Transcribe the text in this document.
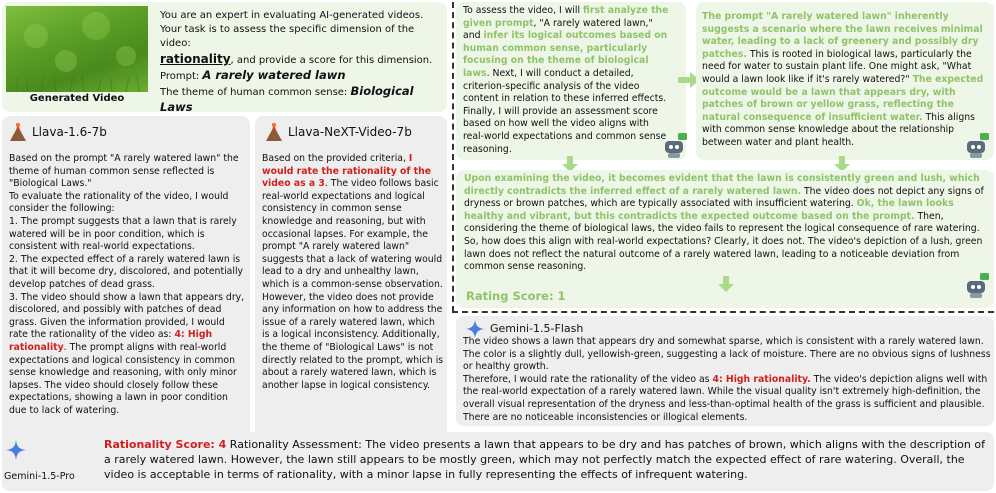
Generated Video
You are an expert in evaluating AI-generated videos.
Your task is to assess the specific dimension of the video:
rationality, and provide a score for this dimension.
Prompt: A rarely watered lawn
The theme of human common sense: Biological Laws
Llava-1.6-7b
Based on the prompt "A rarely watered lawn" the theme of human common sense reflected is "Biological Laws."
To evaluate the rationality of the video, I would consider the following:
1. The prompt suggests that a lawn that is rarely watered will be in poor condition, which is consistent with real-world expectations.
2. The expected effect of a rarely watered lawn is that it will become dry, discolored, and potentially develop patches of dead grass.
3. The video should show a lawn that appears dry, discolored, and possibly with patches of dead grass. Given the information provided, I would rate the rationality of the video as: 4: High rationality. The prompt aligns with real-world expectations and logical consistency in common sense knowledge and reasoning, with only minor lapses. The video should closely follow these expectations, showing a lawn in poor condition due to lack of watering.
Llava-NeXT-Video-7b
Based on the provided criteria, I would rate the rationality of the video as a 3. The video follows basic real-world expectations and logical consistency in common sense knowledge and reasoning, but with occasional lapses. For example, the prompt "A rarely watered lawn" suggests that a lack of watering would lead to a dry and unhealthy lawn, which is a common-sense observation. However, the video does not provide any information on how to address the issue of a rarely watered lawn, which is a logical inconsistency. Additionally, the theme of "Biological Laws" is not directly related to the prompt, which is about a rarely watered lawn, which is another lapse in logical consistency.
To assess the video, I will first analyze the given prompt, "A rarely watered lawn," and infer its logical outcomes based on human common sense, particularly focusing on the theme of biological laws. Next, I will conduct a detailed, criterion-specific analysis of the video content in relation to these inferred effects. Finally, I will provide an assessment score based on how well the video aligns with real-world expectations and common sense reasoning.
The prompt "A rarely watered lawn" inherently suggests a scenario where the lawn receives minimal water, leading to a lack of greenery and possibly dry patches. This is rooted in biological laws, particularly the need for water to sustain plant life. One might ask, "What would a lawn look like if it's rarely watered?" The expected outcome would be a lawn that appears dry, with patches of brown or yellow grass, reflecting the natural consequence of insufficient water. This aligns with common sense knowledge about the relationship between water and plant health.
Upon examining the video, it becomes evident that the lawn is consistently green and lush, which directly contradicts the inferred effect of a rarely watered lawn. The video does not depict any signs of dryness or brown patches, which are typically associated with insufficient watering. Ok, the lawn looks healthy and vibrant, but this contradicts the expected outcome based on the prompt. Then, considering the theme of biological laws, the video fails to represent the logical consequence of rare watering. So, how does this align with real-world expectations? Clearly, it does not. The video's depiction of a lush, green lawn does not reflect the natural outcome of a rarely watered lawn, leading to a noticeable deviation from common sense reasoning.
Rating Score: 1
Gemini-1.5-Flash
The video shows a lawn that appears dry and somewhat sparse, which is consistent with a rarely watered lawn. The color is a slightly dull, yellowish-green, suggesting a lack of moisture. There are no obvious signs of lushness or healthy growth.
Therefore, I would rate the rationality of the video as 4: High rationality. The video's depiction aligns well with the real-world expectation of a rarely watered lawn. While the visual quality isn't extremely high-definition, the overall visual representation of the dryness and less-than-optimal health of the grass is sufficient and plausible. There are no noticeable inconsistencies or illogical elements.
Gemini-1.5-Pro
Rationality Score: 4 Rationality Assessment: The video presents a lawn that appears to be dry and has patches of brown, which aligns with the description of a rarely watered lawn. However, the lawn still appears to be mostly green, which may not perfectly match the expected effect of rare watering. Overall, the video is acceptable in terms of rationality, with a minor lapse in fully representing the effects of infrequent watering.
